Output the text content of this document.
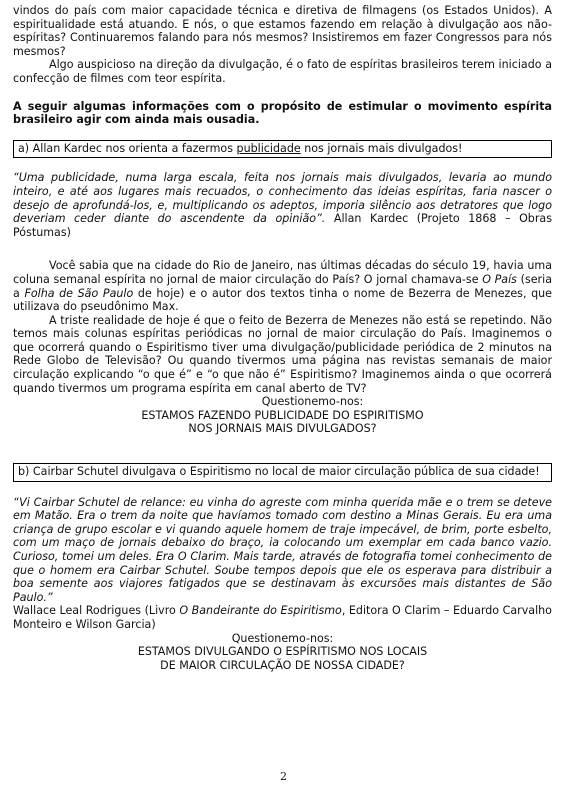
vindos do país com maior capacidade técnica e diretiva de filmagens (os Estados Unidos). A espiritualidade está atuando. E nós, o que estamos fazendo em relação à divulgação aos não-espíritas? Continuaremos falando para nós mesmos? Insistiremos em fazer Congressos para nós mesmos?

Algo auspicioso na direção da divulgação, é o fato de espíritas brasileiros terem iniciado a confecção de filmes com teor espírita.

A seguir algumas informações com o propósito de estimular o movimento espírita brasileiro agir com ainda mais ousadia.

a) Allan Kardec nos orienta a fazermos publicidade nos jornais mais divulgados!

“Uma publicidade, numa larga escala, feita nos jornais mais divulgados, levaria ao mundo inteiro, e até aos lugares mais recuados, o conhecimento das ideias espíritas, faria nascer o desejo de aprofundá-los, e, multiplicando os adeptos, imporia silêncio aos detratores que logo deveriam ceder diante do ascendente da opinião”. Allan Kardec (Projeto 1868 – Obras Póstumas)

Você sabia que na cidade do Rio de Janeiro, nas últimas décadas do século 19, havia uma coluna semanal espírita no jornal de maior circulação do País? O jornal chamava-se O País (seria a Folha de São Paulo de hoje) e o autor dos textos tinha o nome de Bezerra de Menezes, que utilizava do pseudônimo Max.

A triste realidade de hoje é que o feito de Bezerra de Menezes não está se repetindo. Não temos mais colunas espíritas periódicas no jornal de maior circulação do País. Imaginemos o que ocorrerá quando o Espiritismo tiver uma divulgação/publicidade periódica de 2 minutos na Rede Globo de Televisão? Ou quando tivermos uma página nas revistas semanais de maior circulação explicando “o que é” e “o que não é” Espiritismo? Imaginemos ainda o que ocorrerá quando tivermos um programa espírita em canal aberto de TV?

Questionemo-nos:
ESTAMOS FAZENDO PUBLICIDADE DO ESPIRITISMO
NOS JORNAIS MAIS DIVULGADOS?
b) Cairbar Schutel divulgava o Espiritismo no local de maior circulação pública de sua cidade!

“Vi Cairbar Schutel de relance: eu vinha do agreste com minha querida mãe e o trem se deteve em Matão. Era o trem da noite que havíamos tomado com destino a Minas Gerais. Eu era uma criança de grupo escolar e vi quando aquele homem de traje impecável, de brim, porte esbelto, com um maço de jornais debaixo do braço, ia colocando um exemplar em cada banco vazio. Curioso, tomei um deles. Era O Clarim. Mais tarde, através de fotografia tomei conhecimento de que o homem era Cairbar Schutel. Soube tempos depois que ele os esperava para distribuir a boa semente aos viajores fatigados que se destinavam às excursões mais distantes de São Paulo.”

Wallace Leal Rodrigues (Livro O Bandeirante do Espiritismo, Editora O Clarim – Eduardo Carvalho Monteiro e Wilson Garcia)

Questionemo-nos:
ESTAMOS DIVULGANDO O ESPÍRITISMO NOS LOCAIS
DE MAIOR CIRCULAÇÃO DE NOSSA CIDADE?
2
